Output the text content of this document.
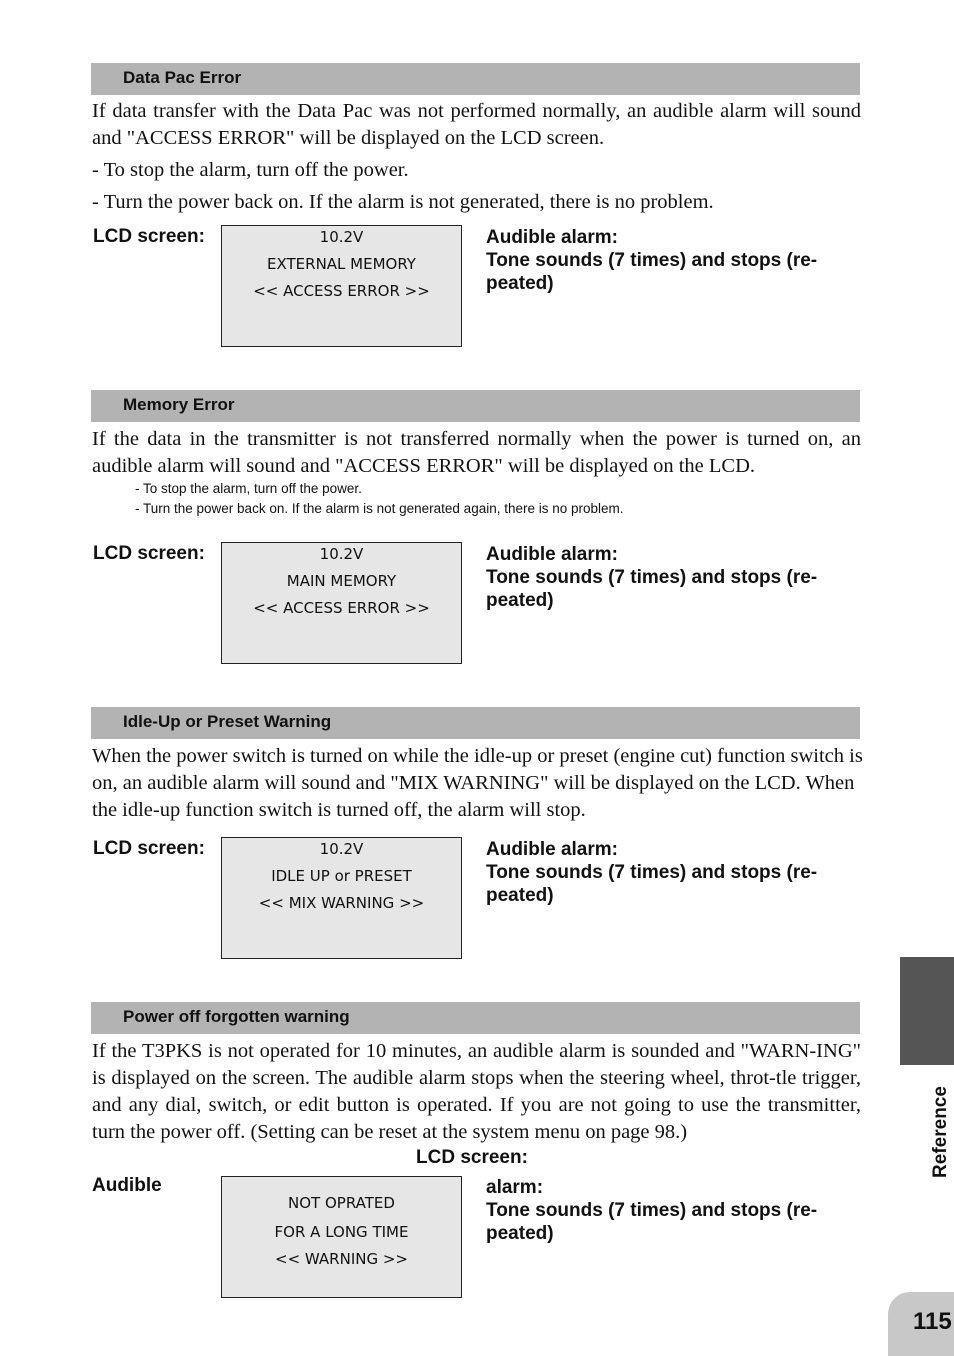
Data Pac Error

If data transfer with the Data Pac was not performed normally, an audible alarm will sound and "ACCESS ERROR" will be displayed on the LCD screen.

- To stop the alarm, turn off the power.

- Turn the power back on. If the alarm is not generated, there is no problem.

LCD screen:	10.2V
EXTERNAL MEMORY
<< ACCESS ERROR >>
Audible alarm:
Tone sounds (7 times) and stops (re-peated)
Memory Error

If the data in the transmitter is not transferred normally when the power is turned on, an audible alarm will sound and "ACCESS ERROR" will be displayed on the LCD.

- To stop the alarm, turn off the power.

- Turn the power back on. If the alarm is not generated again, there is no problem.

LCD screen:	10.2V
MAIN MEMORY
<< ACCESS ERROR >>
Audible alarm:
Tone sounds (7 times) and stops (re-peated)
Idle-Up or Preset Warning

When the power switch is turned on while the idle-up or preset (engine cut) function switch is on, an audible alarm will sound and "MIX WARNING" will be displayed on the LCD. When the idle-up function switch is turned off, the alarm will stop.

LCD screen:	10.2V
IDLE UP or PRESET
<< MIX WARNING >>
Audible alarm:
Tone sounds (7 times) and stops (re-peated)
Power off forgotten warning

If the T3PKS is not operated for 10 minutes, an audible alarm is sounded and "WARN-ING" is displayed on the screen. The audible alarm stops when the steering wheel, throt-tle trigger, and any dial, switch, or edit button is operated. If you are not going to use the transmitter, turn the power off. (Setting can be reset at the system menu on page 98.)

LCD screen:
Audible
NOT OPRATED
FOR A LONG TIME
<< WARNING >>
alarm:
Tone sounds (7 times) and stops (re-peated)
Reference
115
